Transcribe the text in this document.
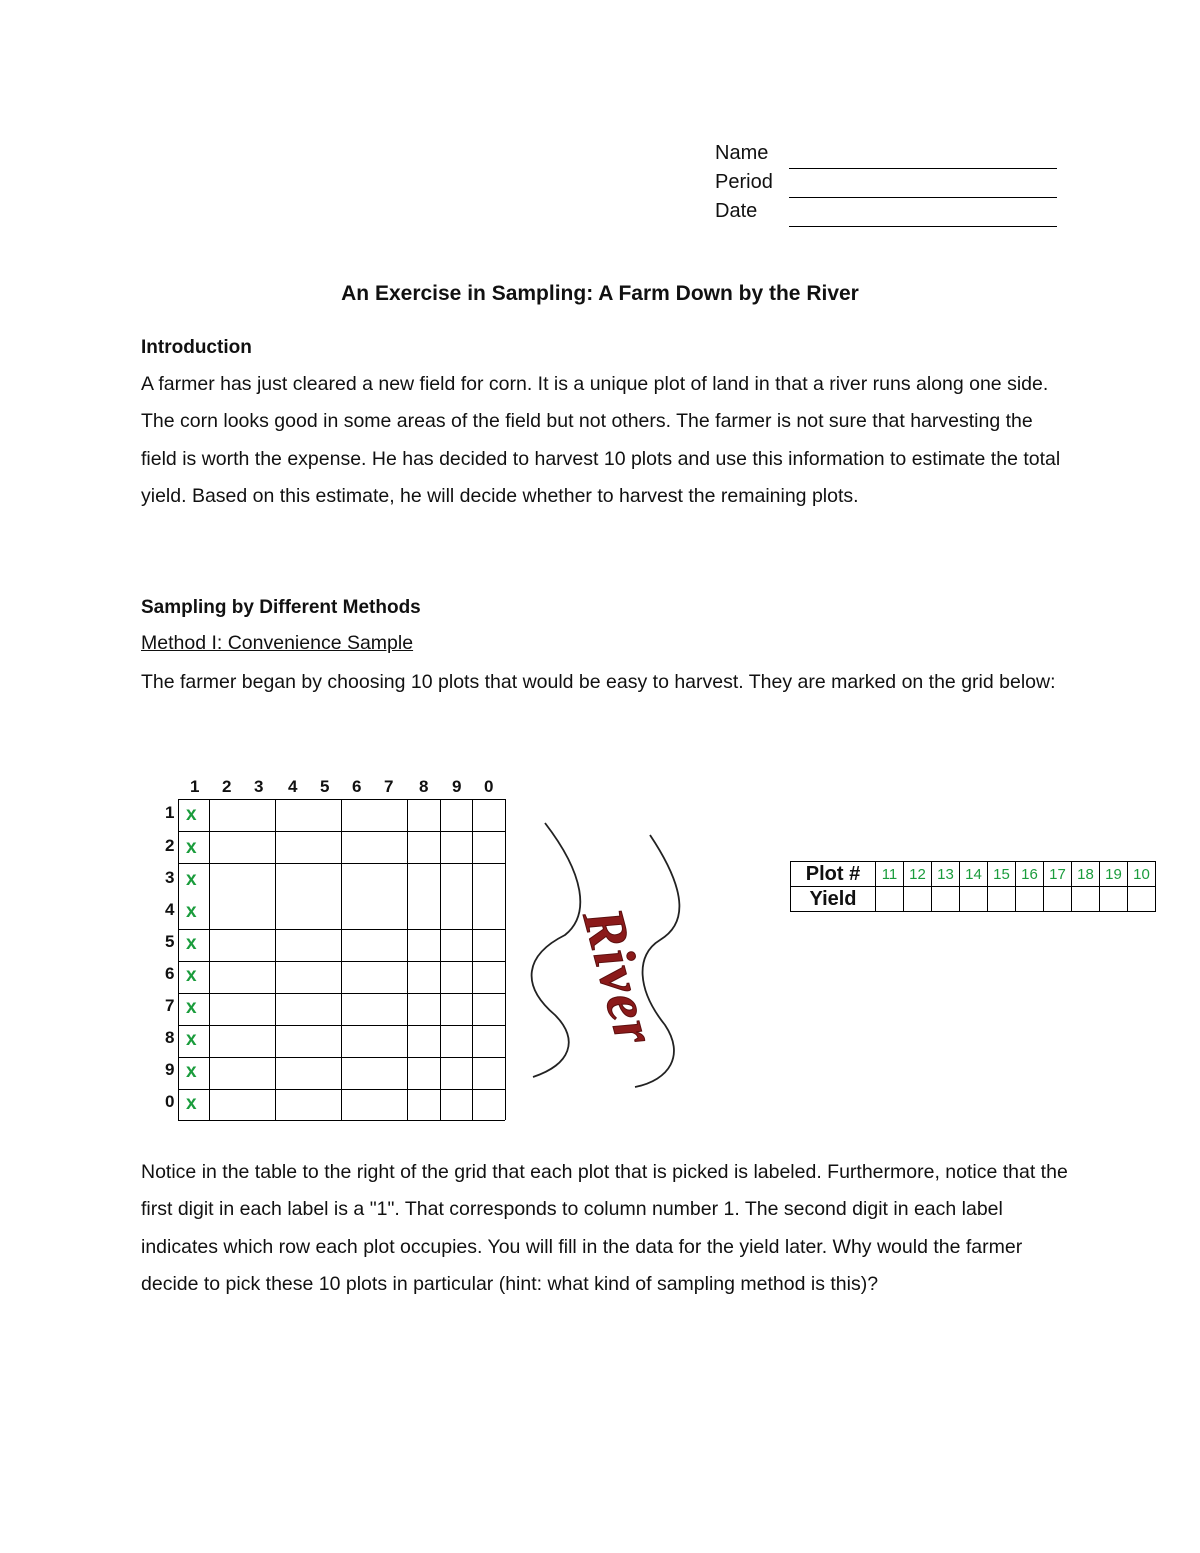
Name
Period
Date
An Exercise in Sampling: A Farm Down by the River
Introduction
A farmer has just cleared a new field for corn. It is a unique plot of land in that a river runs along one side. The corn looks good in some areas of the field but not others. The farmer is not sure that harvesting the field is worth the expense. He has decided to harvest 10 plots and use this information to estimate the total yield. Based on this estimate, he will decide whether to harvest the remaining plots.
Sampling by Different Methods
Method I: Convenience Sample
The farmer began by choosing 10 plots that would be easy to harvest. They are marked on the grid below:
1 2 3 4 5 6 7 8 9 0
1 x
2 x
3 x
4 x
5 x
6 x
7 x
8 x
9 x
0 x
River
Plot #	11	12	13	14	15	16	17	18	19	10
Yield										
Notice in the table to the right of the grid that each plot that is picked is labeled. Furthermore, notice that the first digit in each label is a "1". That corresponds to column number 1. The second digit in each label indicates which row each plot occupies. You will fill in the data for the yield later. Why would the farmer decide to pick these 10 plots in particular (hint: what kind of sampling method is this)?
